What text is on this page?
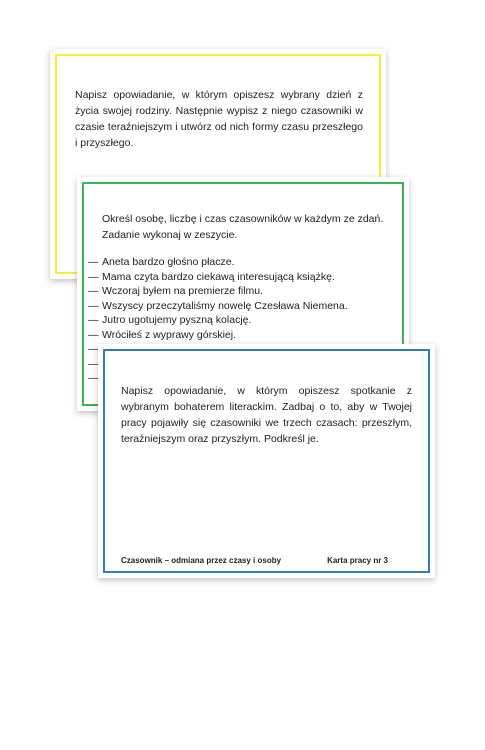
Napisz opowiadanie, w którym opiszesz wybrany dzień z życia swojej rodziny. Następnie wypisz z niego czasowniki w czasie teraźniejszym i utwórz od nich formy czasu przeszłego i przyszłego.

Określ osobę, liczbę i czas czasowników w każdym ze zdań. Zadanie wykonaj w zeszycie.

— Aneta bardzo głośno płacze.
— Mama czyta bardzo ciekawą interesującą książkę.
— Wczoraj byłem na premierze filmu.
— Wszyscy przeczytaliśmy nowelę Czesława Niemena.
— Jutro ugotujemy pyszną kolację.
— Wróciłeś z wyprawy górskiej.
—
—
—

Napisz opowiadanie, w którym opiszesz spotkanie z wybranym bohaterem literackim. Zadbaj o to, aby w Twojej pracy pojawiły się czasowniki we trzech czasach: przeszłym, teraźniejszym oraz przyszłym. Podkreśl je.

Czasownik – odmiana przez czasy i osoby	Karta pracy nr 3
